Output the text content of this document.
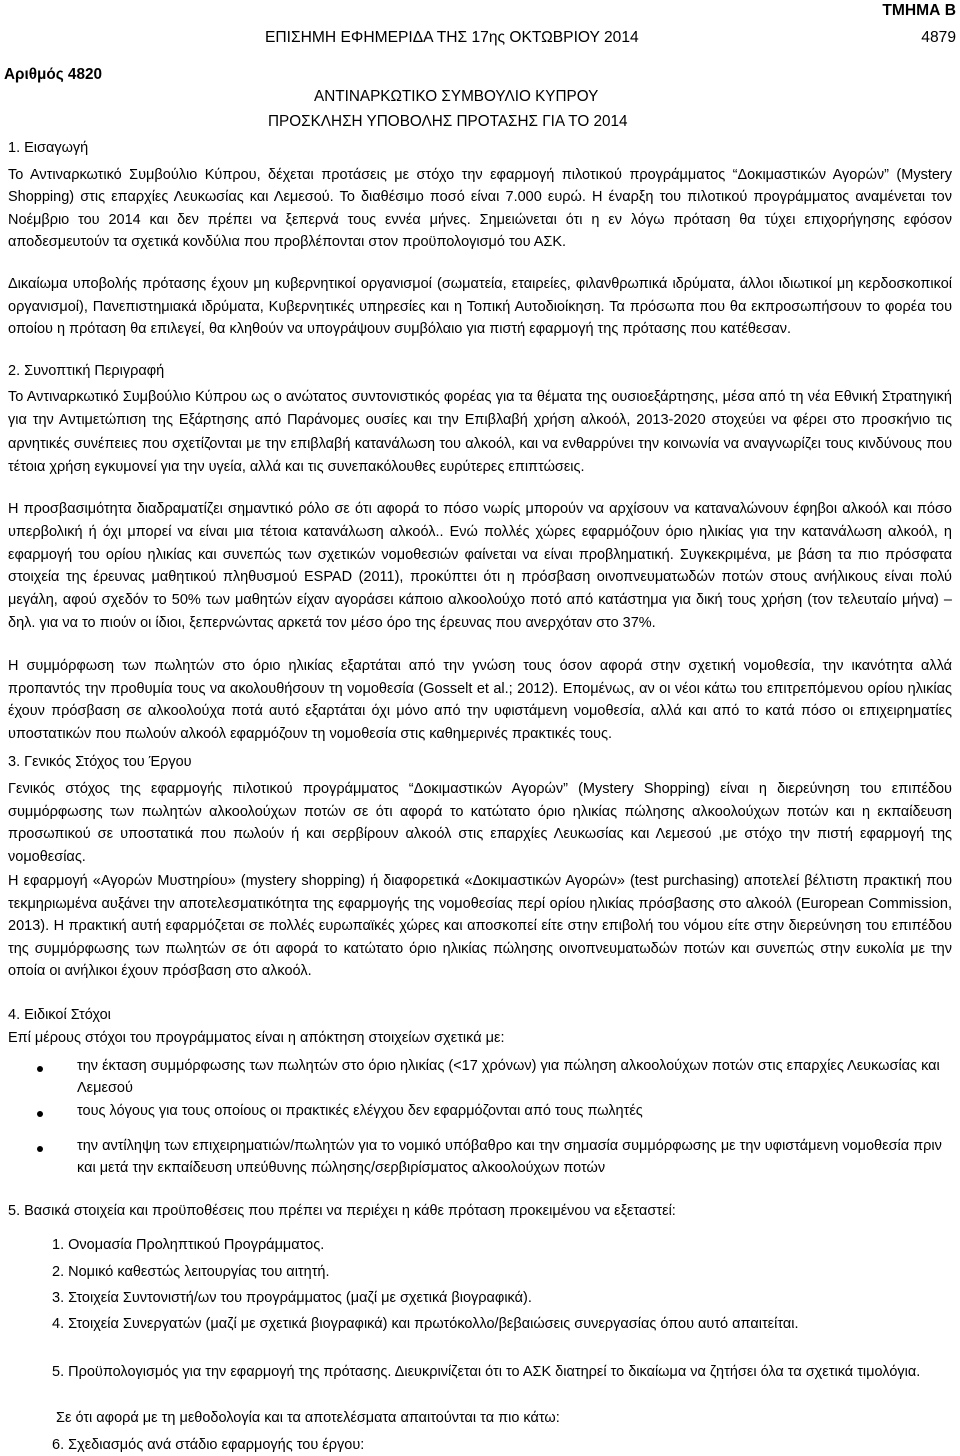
ΤΜΗΜΑ Β
ΕΠΙΣΗΜΗ ΕΦΗΜΕΡΙΔΑ ΤΗΣ 17ης ΟΚΤΩΒΡΙΟΥ 2014	4879
Αριθμός 4820
ΑΝΤΙΝΑΡΚΩΤΙΚΟ ΣΥΜΒΟΥΛΙΟ ΚΥΠΡΟΥ
ΠΡΟΣΚΛΗΣΗ ΥΠΟΒΟΛΗΣ ΠΡΟΤΑΣΗΣ ΓΙΑ ΤΟ 2014

1. Εισαγωγή

Το Αντιναρκωτικό Συμβούλιο Κύπρου, δέχεται προτάσεις με στόχο την εφαρμογή πιλοτικού προγράμματος “Δοκιμαστικών Αγορών” (Mystery Shopping) στις επαρχίες Λευκωσίας και Λεμεσού. Το διαθέσιμο ποσό είναι 7.000 ευρώ. Η έναρξη του πιλοτικού προγράμματος αναμένεται τον Νοέμβριο του 2014 και δεν πρέπει να ξεπερνά τους εννέα μήνες. Σημειώνεται ότι η εν λόγω πρόταση θα τύχει επιχορήγησης εφόσον αποδεσμευτούν τα σχετικά κονδύλια που προβλέπονται στον προϋπολογισμό του ΑΣΚ.

Δικαίωμα υποβολής πρότασης έχουν μη κυβερνητικοί οργανισμοί (σωματεία, εταιρείες, φιλανθρωπικά ιδρύματα, άλλοι ιδιωτικοί μη κερδοσκοπικοί οργανισμοί), Πανεπιστημιακά ιδρύματα, Κυβερνητικές υπηρεσίες και η Τοπική Αυτοδιοίκηση. Τα πρόσωπα που θα εκπροσωπήσουν το φορέα του οποίου η πρόταση θα επιλεγεί, θα κληθούν να υπογράψουν συμβόλαιο για πιστή εφαρμογή της πρότασης που κατέθεσαν.

2. Συνοπτική Περιγραφή

Το Αντιναρκωτικό Συμβούλιο Κύπρου ως ο ανώτατος συντονιστικός φορέας για τα θέματα της ουσιοεξάρτησης, μέσα από τη νέα Εθνική Στρατηγική για την Αντιμετώπιση της Εξάρτησης από Παράνομες ουσίες και την Επιβλαβή χρήση αλκοόλ, 2013-2020 στοχεύει να φέρει στο προσκήνιο τις αρνητικές συνέπειες που σχετίζονται με την επιβλαβή κατανάλωση του αλκοόλ, και να ενθαρρύνει την κοινωνία να αναγνωρίζει τους κινδύνους που τέτοια χρήση εγκυμονεί για την υγεία, αλλά και τις συνεπακόλουθες ευρύτερες επιπτώσεις.

Η προσβασιμότητα διαδραματίζει σημαντικό ρόλο σε ότι αφορά το πόσο νωρίς μπορούν να αρχίσουν να καταναλώνουν έφηβοι αλκοόλ και πόσο υπερβολική ή όχι μπορεί να είναι μια τέτοια κατανάλωση αλκοόλ.. Ενώ πολλές χώρες εφαρμόζουν όριο ηλικίας για την κατανάλωση αλκοόλ, η εφαρμογή του ορίου ηλικίας και συνεπώς των σχετικών νομοθεσιών φαίνεται να είναι προβληματική. Συγκεκριμένα, με βάση τα πιο πρόσφατα στοιχεία της έρευνας μαθητικού πληθυσμού ESPAD (2011), προκύπτει ότι η πρόσβαση οινοπνευματωδών ποτών στους ανήλικους είναι πολύ μεγάλη, αφού σχεδόν το 50% των μαθητών είχαν αγοράσει κάποιο αλκοολούχο ποτό από κατάστημα για δική τους χρήση (τον τελευταίο μήνα) – δηλ. για να το πιούν οι ίδιοι, ξεπερνώντας αρκετά τον μέσο όρο της έρευνας που ανερχόταν στο 37%.

Η συμμόρφωση των πωλητών στο όριο ηλικίας εξαρτάται από την γνώση τους όσον αφορά στην σχετική νομοθεσία, την ικανότητα αλλά προπαντός την προθυμία τους να ακολουθήσουν τη νομοθεσία (Gosselt et al.; 2012). Επομένως, αν οι νέοι κάτω του επιτρεπόμενου ορίου ηλικίας έχουν πρόσβαση σε αλκοολούχα ποτά αυτό εξαρτάται όχι μόνο από την υφιστάμενη νομοθεσία, αλλά και από το κατά πόσο οι επιχειρηματίες υποστατικών που πωλούν αλκοόλ εφαρμόζουν τη νομοθεσία στις καθημερινές πρακτικές τους.

3. Γενικός Στόχος του Έργου

Γενικός στόχος της εφαρμογής πιλοτικού προγράμματος “Δοκιμαστικών Αγορών” (Mystery Shopping) είναι η διερεύνηση του επιπέδου συμμόρφωσης των πωλητών αλκοολούχων ποτών σε ότι αφορά το κατώτατο όριο ηλικίας πώλησης αλκοολούχων ποτών και η εκπαίδευση προσωπικού σε υποστατικά που πωλούν ή και σερβίρουν αλκοόλ στις επαρχίες Λευκωσίας και Λεμεσού ,με στόχο την πιστή εφαρμογή της νομοθεσίας.

Η εφαρμογή «Αγορών Μυστηρίου» (mystery shopping) ή διαφορετικά «Δοκιμαστικών Αγορών» (test purchasing) αποτελεί βέλτιστη πρακτική που τεκμηριωμένα αυξάνει την αποτελεσματικότητα της εφαρμογής της νομοθεσίας περί ορίου ηλικίας πρόσβασης στο αλκοόλ (European Commission, 2013). Η πρακτική αυτή εφαρμόζεται σε πολλές ευρωπαϊκές χώρες και αποσκοπεί είτε στην επιβολή του νόμου είτε στην διερεύνηση του επιπέδου της συμμόρφωσης των πωλητών σε ότι αφορά το κατώτατο όριο ηλικίας πώλησης οινοπνευματωδών ποτών και συνεπώς στην ευκολία με την οποία οι ανήλικοι έχουν πρόσβαση στο αλκοόλ.

4. Ειδικοί Στόχοι

Επί μέρους στόχοι του προγράμματος είναι η απόκτηση στοιχείων σχετικά με:

την έκταση συμμόρφωσης των πωλητών στο όριο ηλικίας (<17 χρόνων) για πώληση αλκοολούχων ποτών στις επαρχίες Λευκωσίας και Λεμεσού

τους λόγους για τους οποίους οι πρακτικές ελέγχου δεν εφαρμόζονται από τους πωλητές

την αντίληψη των επιχειρηματιών/πωλητών για το νομικό υπόβαθρο και την σημασία συμμόρφωσης με την υφιστάμενη νομοθεσία πριν και μετά την εκπαίδευση υπεύθυνης πώλησης/σερβιρίσματος αλκοολούχων ποτών

5. Βασικά στοιχεία και προϋποθέσεις που πρέπει να περιέχει η κάθε πρόταση προκειμένου να εξεταστεί:

1. Ονομασία Προληπτικού Προγράμματος.

2. Νομικό καθεστώς λειτουργίας του αιτητή.

3. Στοιχεία Συντονιστή/ων του προγράμματος (μαζί με σχετικά βιογραφικά).

4. Στοιχεία Συνεργατών (μαζί με σχετικά βιογραφικά) και πρωτόκολλο/βεβαιώσεις συνεργασίας όπου αυτό απαιτείται.

5. Προϋπολογισμός για την εφαρμογή της πρότασης. Διευκρινίζεται ότι το ΑΣΚ διατηρεί το δικαίωμα να ζητήσει όλα τα σχετικά τιμολόγια.

Σε ότι αφορά με τη μεθοδολογία και τα αποτελέσματα απαιτούνται τα πιο κάτω:

6. Σχεδιασμός ανά στάδιο εφαρμογής του έργου:
